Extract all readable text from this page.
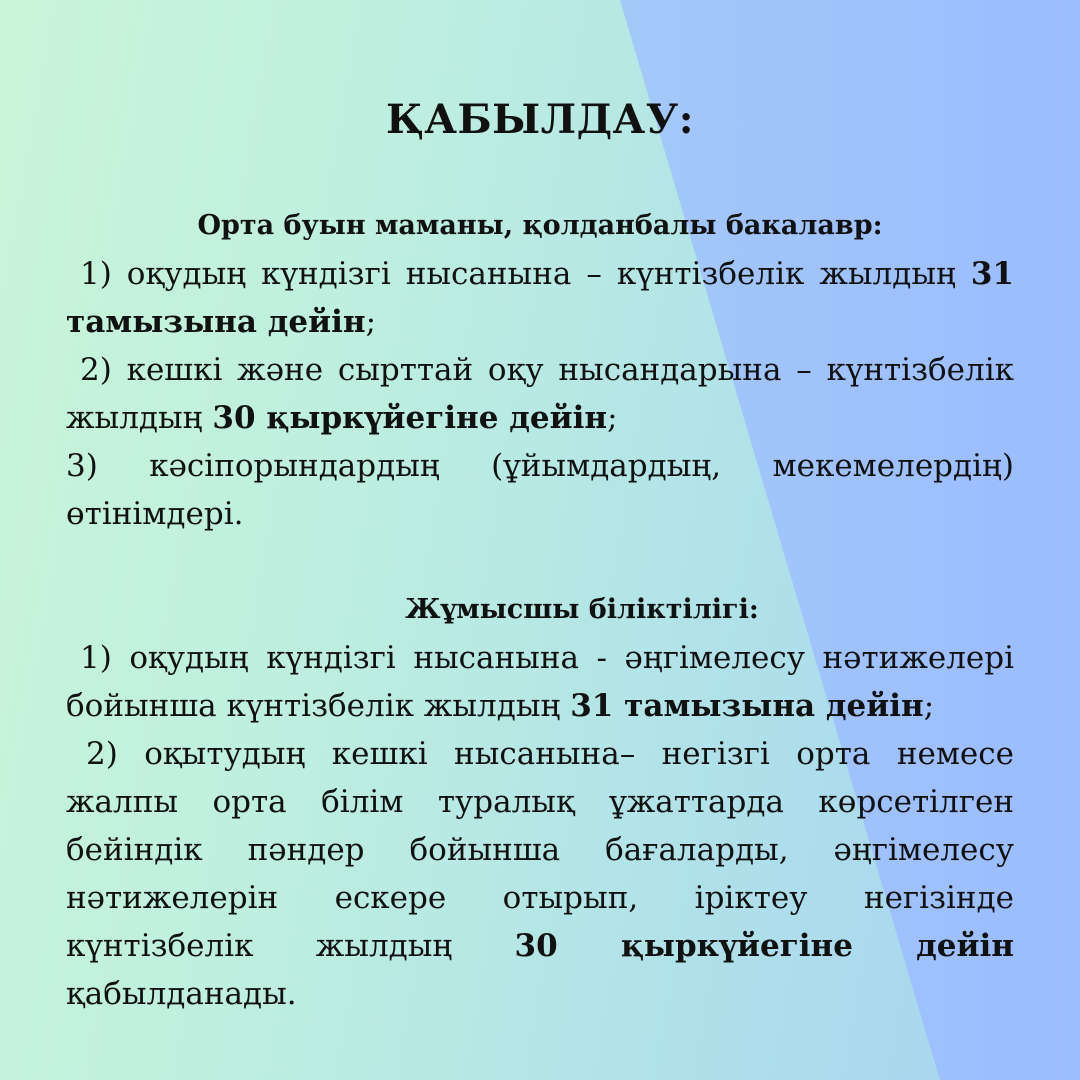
ҚАБЫЛДАУ:

Орта буын маманы, қолданбалы бакалавр:

1) оқудың күндізгі нысанына – күнтізбелік жылдың 31 тамызына дейін;

2) кешкі және сырттай оқу нысандарына – күнтізбелік жылдың 30 қыркүйегіне дейін;

3) кәсіпорындардың (ұйымдардың, мекемелердің) өтінімдері.

Жұмысшы біліктілігі:

1) оқудың күндізгі нысанына - әңгімелесу нәтижелері бойынша күнтізбелік жылдың 31 тамызына дейін;

2) оқытудың кешкі нысанына– негізгі орта немесе жалпы орта білім туралық ұжаттарда көрсетілген бейіндік пәндер бойынша бағаларды, әңгімелесу нәтижелерін ескере отырып, іріктеу негізінде күнтізбелік жылдың 30 қыркүйегіне дейін қабылданады.
